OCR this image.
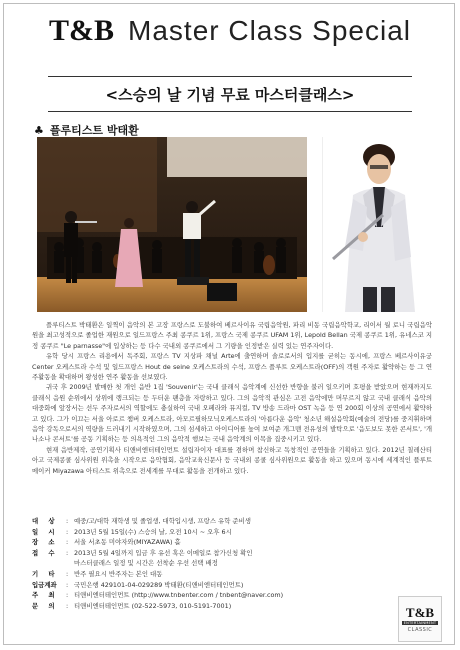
T&B Master Class Special
<스승의 날 기념 무료 마스터클래스>
♣ 플루티스트 박태환

플루티스트 박태환은 일찍이 음악의 본 고장 프랑스로 도불하여 베르사이유 국립음악원, 파리 비동 국립음악학교, 리이서 월 로니 국립음악원을 최고성적으로 졸업한 재원으로 일드프랑스 주최 콩쿠르 1위, 프랑스 국제 콩쿠르 UFAM 1위, Lepold Bellan 국제 콩쿠르 1위, 유네스코 지정 콩쿠르 "Le parnasse"에 입상하는 등 다수 국내외 콩쿠르에서 그 기량을 인정받은 실력 있는 연주자이다.

유학 당시 프랑스 리용에서 독주회, 프랑스 TV 지상파 채널 Arte에 출연하며 솔로로서의 입지를 굳히는 동시에, 프랑스 베르사이유궁 Center 오케스트라 수석 및 일드프랑스 Hout de seine 오케스트라의 수석, 프랑스 플루트 오케스트라(OFF)의 객원 주자로 활약하는 등 그 연주활동을 확대하며 왕성한 연주 활동을 선보였다.

귀국 후 2009년 발매한 첫 개인 음반 1집 'Souvenir'는 국내 클래식 음악계에 신선한 반향을 불러 일으키며 호평을 받았으며 현재까지도 클래식 음원 순위에서 상위에 랭크되는 등 두터운 팬층을 자랑하고 있다. 그의 음악적 관심은 고전 음악에만 머무르지 않고 국내 클래식 음악의 대중화에 앞장서는 선두 주자로서의 역할에도 충실하여 국내 오페라와 뮤지컬, TV 방송 드라마 OST 녹음 등 연 200회 이상의 공연에서 활약하고 있다. 그가 이끄는 서울 아로르 챔버 오케스트라, 아모르필하모닉오케스트라의 '아름다운 음악' 청소년 해설음악회(예술의 전당)를 중지휘하며 음악 강독으로서의 역량을 드러내기 시작하였으며, 그의 섬세하고 아이디어를 높여 보여준 개그맨 전유성의 발탁으로 '음도보도 못한 콘서트', '개나소나 콘서트'를 공동 기획하는 등 의욕적인 그의 음악적 행보는 국내 음악계의 이목을 집중시키고 있다.

현재 음반제작, 공연기획사 티앤비엔터테인먼트 설립자이자 대표를 겸하며 참신하고 독창적인 공연들을 기획하고 있다. 2012년 칠레산티아고 국제콩쿨 심사위원 위촉을 시작으로 음악협회, 음악교육신문사 등 국내외 콩쿨 심사위원으로 활동을 하고 있으며 동시에 세계적인 플루트 메이커 Miyazawa 아티스트 위촉으로 전세계를 무대로 활동을 전개하고 있다.

대 상	: 예중/고/대학 재학생 및 졸업생, 대학입시생, 프랑스 유학 준비생
일 시	: 2013년 5월 15일(수) 스승의 날, 오전 10시 ~ 오후 6시
장 소	: 서울 서초동 미야자와(MIYAZAWA) 홀
접 수	: 2013년 5월 4일까지 입금 후 유선 혹은 이메일로 참가신청 확인
마스터클래스 일정 및 시간은 선착순 우선 선택 배정
기 타	: 반주 필요시 반주자는 본인 대동
입금계좌	: 국민은행 429101-04-029289 박태환(티앤비엔터테인먼트)
주 최	: 티앤비엔터테인먼트 (http://www.tnbenter.com / tnbent@naver.com)
문 의	: 티앤비엔터테인먼트 (02-522-5973, 010-5191-7001)	T&B
ENTERTAINMENT
CLASSIC
